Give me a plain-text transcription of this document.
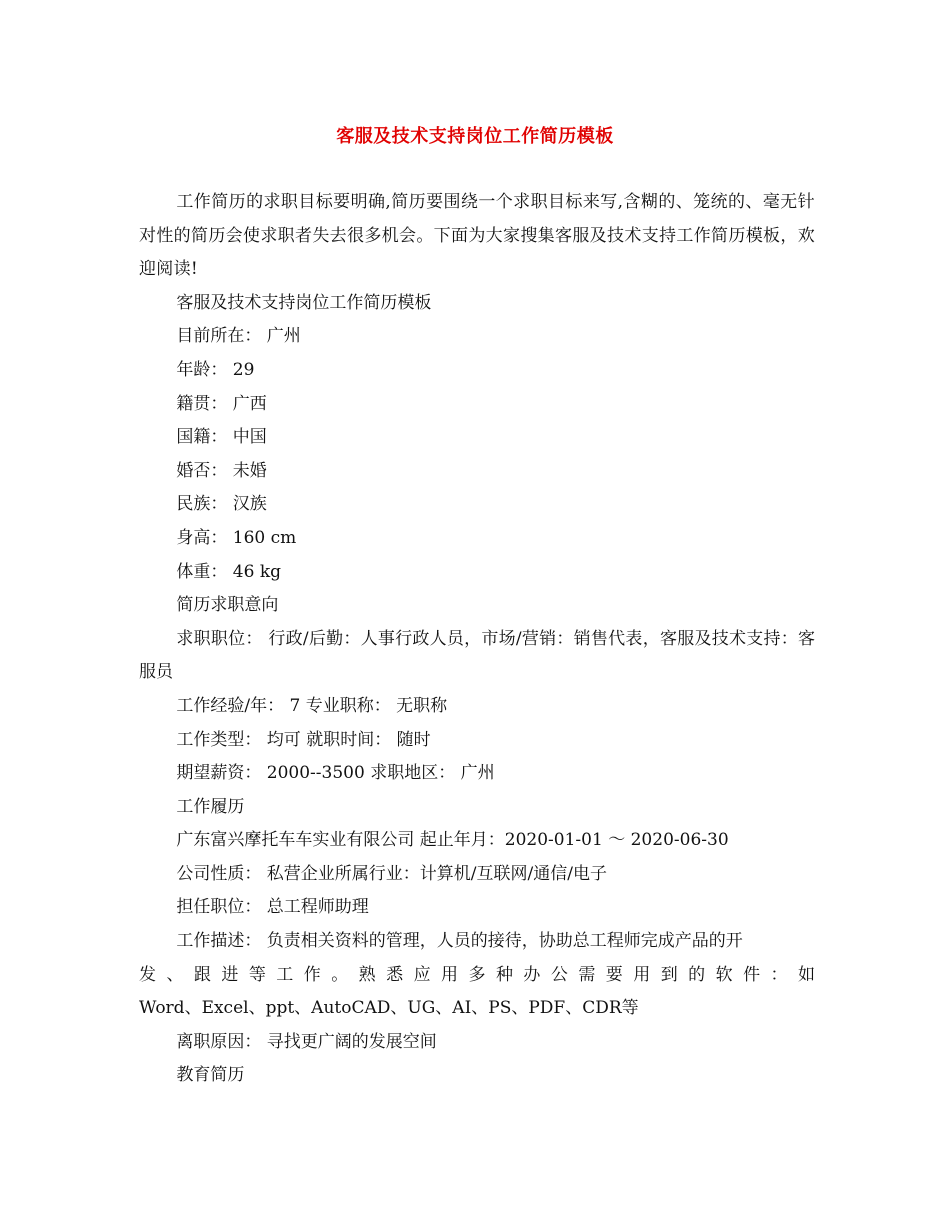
客服及技术支持岗位工作简历模板

工作简历的求职目标要明确,简历要围绕一个求职目标来写,含糊的、笼统的、毫无针对性的简历会使求职者失去很多机会。下面为大家搜集客服及技术支持工作简历模板，欢迎阅读!

客服及技术支持岗位工作简历模板

目前所在： 广州

年龄： 29

籍贯： 广西

国籍： 中国

婚否： 未婚

民族： 汉族

身高： 160 cm

体重： 46 kg

简历求职意向

求职职位： 行政/后勤：人事行政人员，市场/营销：销售代表，客服及技术支持：客服员

工作经验/年： 7 专业职称： 无职称

工作类型： 均可 就职时间： 随时

期望薪资： 2000--3500 求职地区： 广州

工作履历

广东富兴摩托车车实业有限公司 起止年月：2020-01-01 ～ 2020-06-30

公司性质： 私营企业所属行业：计算机/互联网/通信/电子

担任职位： 总工程师助理

工作描述： 负责相关资料的管理，人员的接待，协助总工程师完成产品的开

发、跟进等工作。熟悉应用多种办公需要用到的软件：如

Word、Excel、ppt、AutoCAD、UG、AI、PS、PDF、CDR等

离职原因： 寻找更广阔的发展空间

教育简历
